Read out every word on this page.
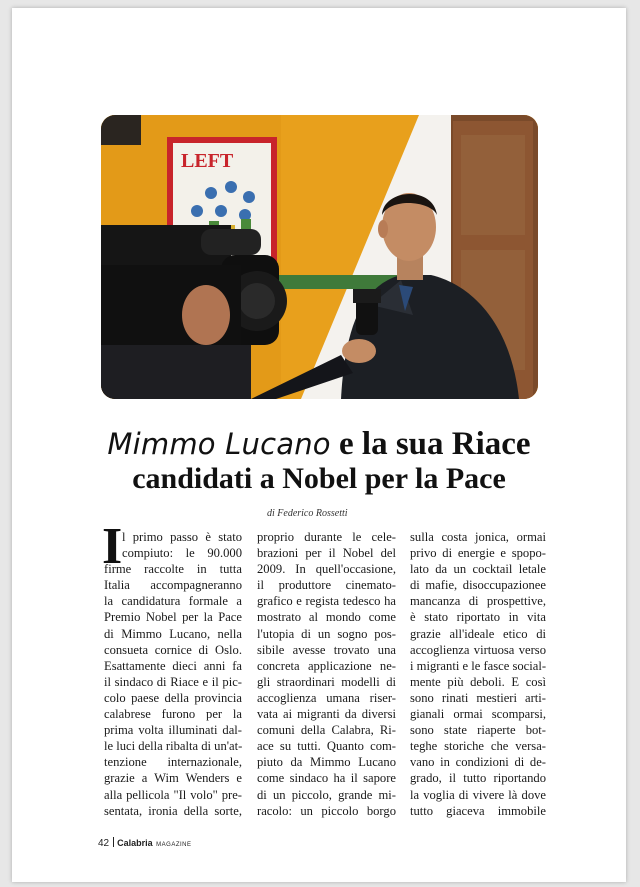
LEFT
Mimmo Lucano e la sua Riace
candidati a Nobel per la Pace
di Federico Rossetti
I l primo passo è stato
compiuto: le 90.000
firme raccolte in tutta
Italia accompagneranno
la candidatura formale a
Premio Nobel per la Pace
di Mimmo Lucano, nella
consueta cornice di Oslo.
Esattamente dieci anni fa
il sindaco di Riace e il pic-
colo paese della provincia
calabrese furono per la
prima volta illuminati dal-
le luci della ribalta di un'at-
tenzione internazionale,
grazie a Wim Wenders e
alla pellicola "Il volo" pre-
sentata, ironia della sorte,
proprio durante le cele-
brazioni per il Nobel del
2009. In quell'occasione,
il produttore cinemato-
grafico e regista tedesco ha
mostrato al mondo come
l'utopia di un sogno pos-
sibile avesse trovato una
concreta applicazione ne-
gli straordinari modelli di
accoglienza umana riser-
vata ai migranti da diversi
comuni della Calabra, Ri-
ace su tutti. Quanto com-
piuto da Mimmo Lucano
come sindaco ha il sapore
di un piccolo, grande mi-
racolo: un piccolo borgo
sulla costa jonica, ormai
privo di energie e spopo-
lato da un cocktail letale
di mafie, disoccupazionee
mancanza di prospettive,
è stato riportato in vita
grazie all'ideale etico di
accoglienza virtuosa verso
i migranti e le fasce social-
mente più deboli. E così
sono rinati mestieri arti-
gianali ormai scomparsi,
sono state riaperte bot-
teghe storiche che versa-
vano in condizioni di de-
grado, il tutto riportando
la voglia di vivere là dove
tutto giaceva immobile
42 Calabria MAGAZINE
